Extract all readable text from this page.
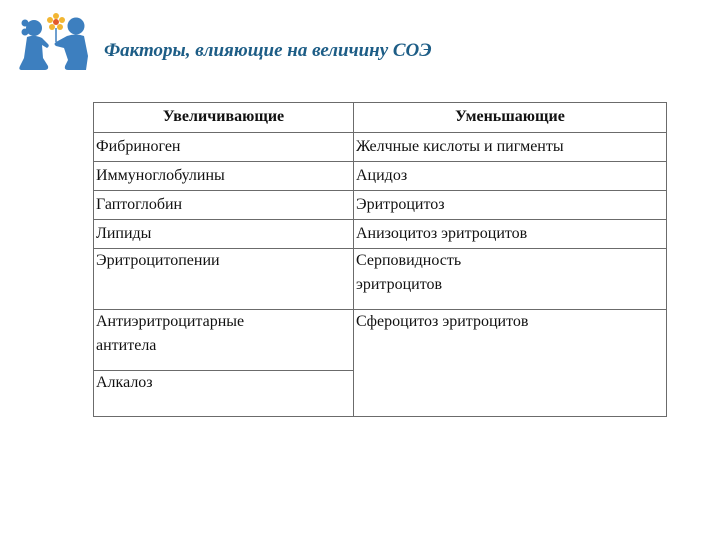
Факторы, влияющие на величину СОЭ
Увеличивающие	Уменьшающие
Фибриноген	Желчные кислоты и пигменты
Иммуноглобулины	Ацидоз
Гаптоглобин	Эритроцитоз
Липиды	Анизоцитоз эритроцитов
Эритроцитопении	Серповидность эритроцитов
Антиэритроцитарные антитела	Сфероцитоз эритроцитов
Алкалоз	
